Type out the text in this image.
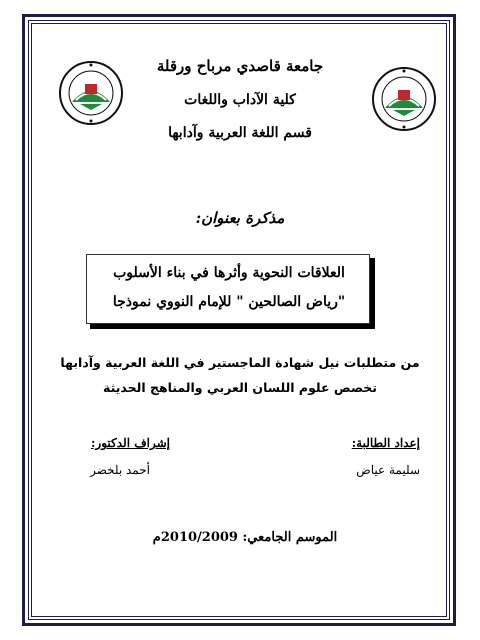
جامعة قاصدي مرباح ورقلة
كلية الآداب واللغات
قسم اللغة العربية وآدابها
مذكرة بعنوان:
العلاقات النحوية وأثرها في بناء الأسلوب
"رياض الصالحين " للإمام النووي نموذجا
من متطلبات نيل شهادة الماجستير في اللغة العربية وآدابها
تخصص علوم اللسان العربي والمناهج الحديثة
إعداد الطالبة:
إشراف الدكتور:
سليمة عياض
أحمد بلخضر
الموسم الجامعي: 2010/2009م
